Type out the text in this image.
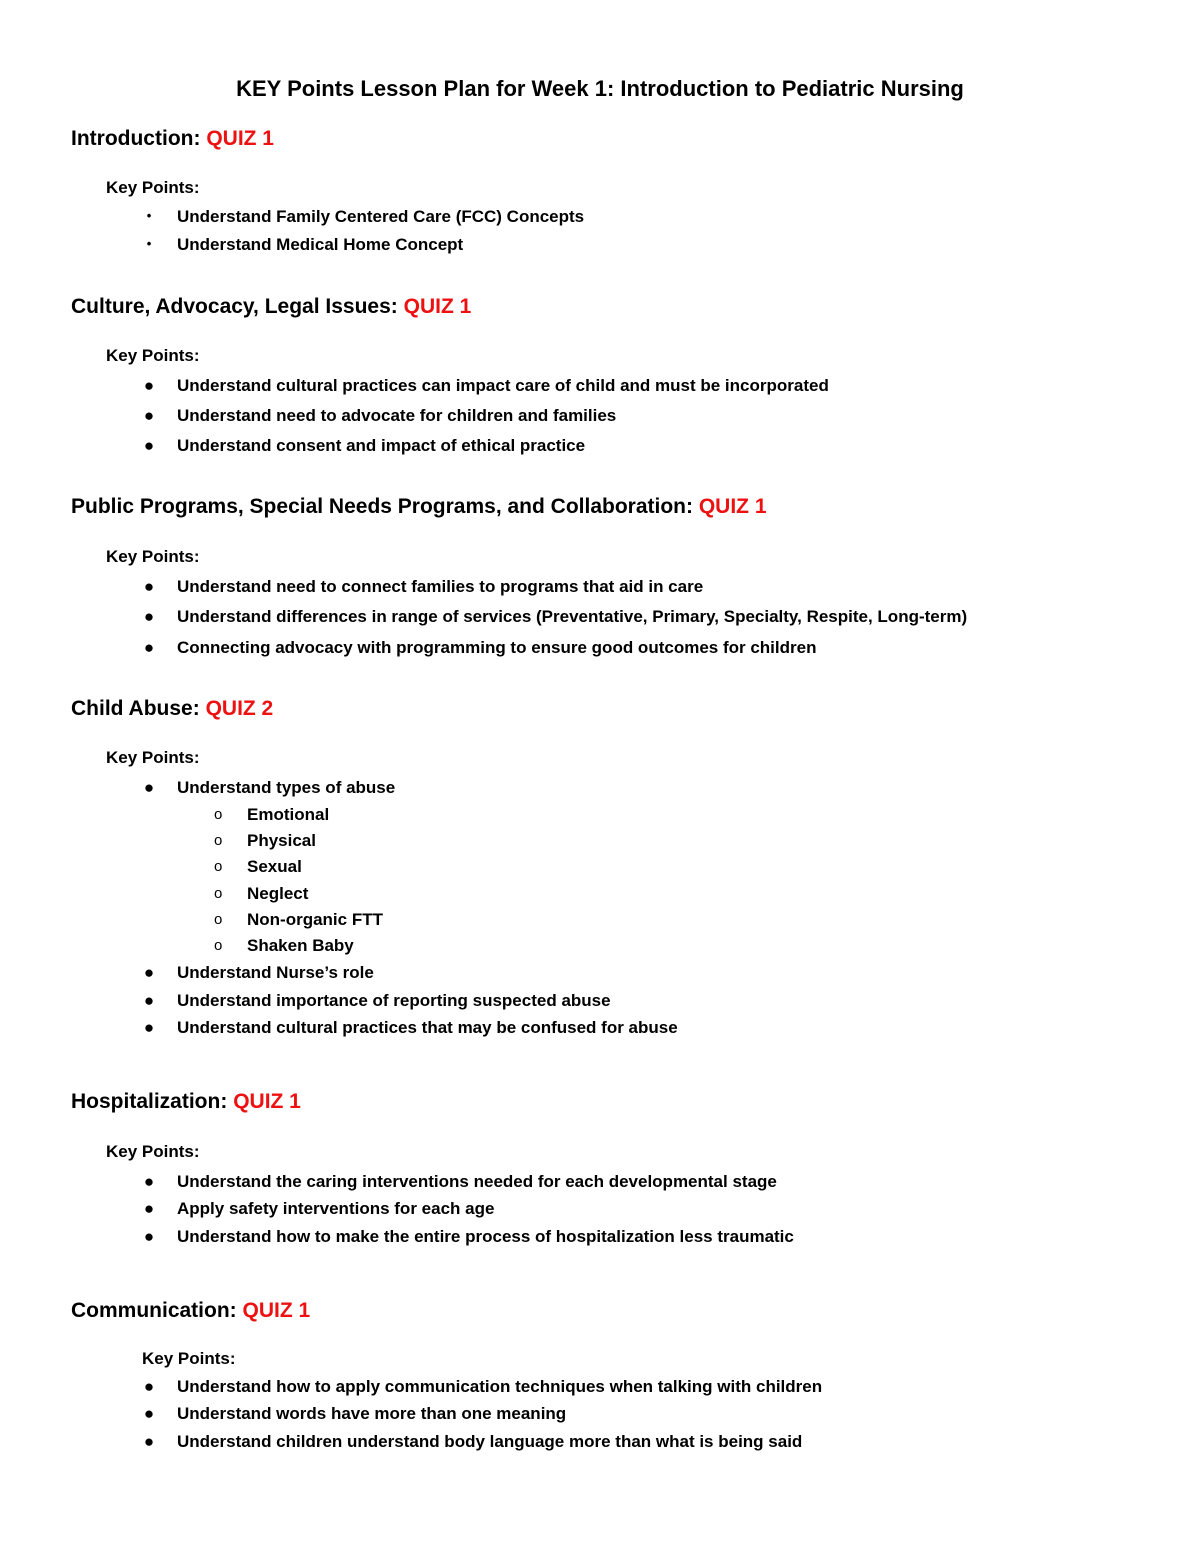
KEY Points Lesson Plan for Week 1: Introduction to Pediatric Nursing
Introduction: QUIZ 1
Key Points:
• Understand Family Centered Care (FCC) Concepts
• Understand Medical Home Concept
Culture, Advocacy, Legal Issues: QUIZ 1
Key Points:
● Understand cultural practices can impact care of child and must be incorporated
● Understand need to advocate for children and families
● Understand consent and impact of ethical practice
Public Programs, Special Needs Programs, and Collaboration: QUIZ 1
Key Points:
● Understand need to connect families to programs that aid in care
● Understand differences in range of services (Preventative, Primary, Specialty, Respite, Long-term)
● Connecting advocacy with programming to ensure good outcomes for children
Child Abuse: QUIZ 2
Key Points:
● Understand types of abuse
o Emotional
o Physical
o Sexual
o Neglect
o Non-organic FTT
o Shaken Baby
● Understand Nurse’s role
● Understand importance of reporting suspected abuse
● Understand cultural practices that may be confused for abuse
Hospitalization: QUIZ 1
Key Points:
● Understand the caring interventions needed for each developmental stage
● Apply safety interventions for each age
● Understand how to make the entire process of hospitalization less traumatic
Communication: QUIZ 1
Key Points:
● Understand how to apply communication techniques when talking with children
● Understand words have more than one meaning
● Understand children understand body language more than what is being said
